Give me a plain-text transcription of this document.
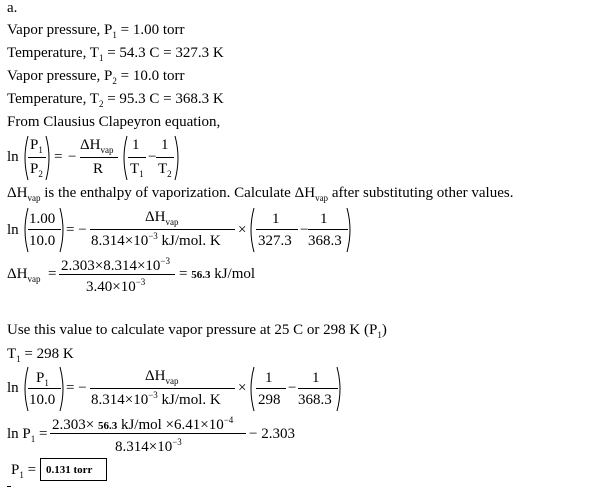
a.
Vapor pressure, $P_1 = 1.00$ torr
Temperature, $T_1 = 54.3$ C = 327.3 K
Vapor pressure, $P_2 = 10.0$ torr
Temperature, $T_2 = 95.3$ C = 368.3 K
From Clausius Clapeyron equation,
ln
$P_1$
$P_2$
= −
$\Delta H_{vap}$
R
1
$T_1$
−
1
$T_2$
$\Delta H_{vap}$ is the enthalpy of vaporization. Calculate $\Delta H_{vap}$ after substituting other values.
ln
1.00
10.0
= −
$\Delta H_{vap}$
$8.314\times 10^{-3}$ kJ/mol. K
×
1
327.3
−
1
368.3
$\Delta H_{vap} = 2.303\times 8.314\times 10^{-3}$
$3.40\times 10^{-3} = 56.3$ kJ/mol
Use this value to calculate vapor pressure at 25 C or 298 K $(P_1)$
$T_1 = 298$ K
ln
$P_1$
10.0
= −
$\Delta H_{vap}$
$8.314\times 10^{-3}$ kJ/mol. K
×
1
298
−
1
368.3
$\ln P_1$ =
2.303× 56.3 $kJ/mol \times 6.41\times 10^{-4}$
$8.314\times 10^{-3}$	− 2.303
$P_1 = 0.131$ torr
